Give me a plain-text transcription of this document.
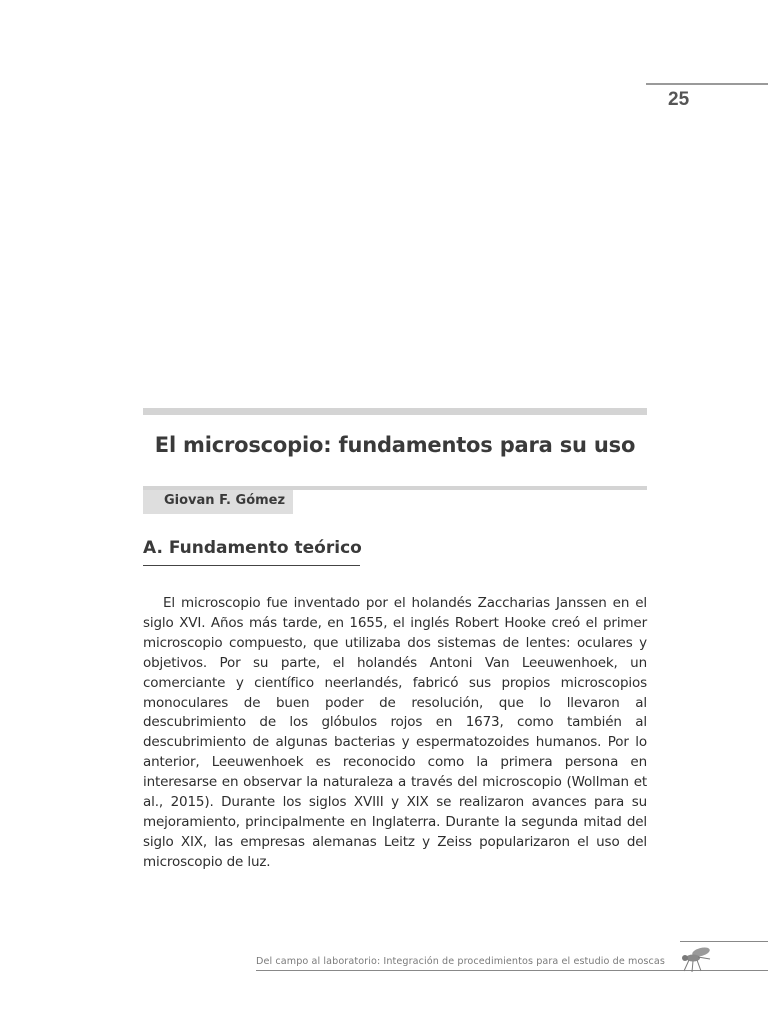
25
El microscopio: fundamentos para su uso
Giovan F. Gómez
A. Fundamento teórico

El microscopio fue inventado por el holandés Zaccharias Janssen en el siglo XVI. Años más tarde, en 1655, el inglés Robert Hooke creó el primer microscopio compuesto, que utilizaba dos sistemas de lentes: oculares y objetivos. Por su parte, el holandés Antoni Van Leeuwenhoek, un comerciante y científico neerlandés, fabricó sus propios microscopios monoculares de buen poder de resolución, que lo llevaron al descubrimiento de los glóbulos rojos en 1673, como también al descubrimiento de algunas bacterias y espermatozoides humanos. Por lo anterior, Leeuwenhoek es reconocido como la primera persona en interesarse en observar la naturaleza a través del microscopio (Wollman et al., 2015). Durante los siglos XVIII y XIX se realizaron avances para su mejoramiento, principalmente en Inglaterra. Durante la segunda mitad del siglo XIX, las empresas alemanas Leitz y Zeiss popularizaron el uso del microscopio de luz.

Del campo al laboratorio: Integración de procedimientos para el estudio de moscas
